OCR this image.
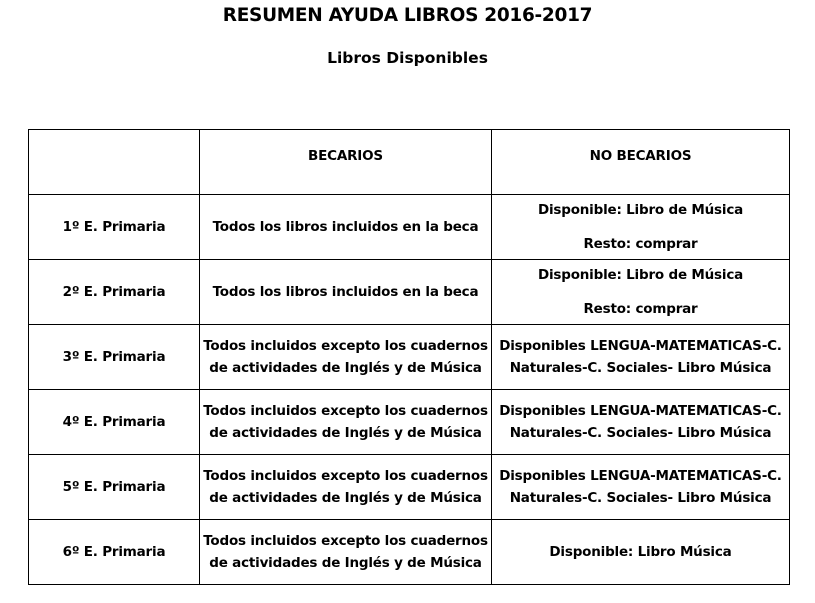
RESUMEN AYUDA LIBROS 2016-2017
Libros Disponibles
	BECARIOS	NO BECARIOS
1º E. Primaria	Todos los libros incluidos en la beca	Disponible: Libro de Música
Resto: comprar

2º E. Primaria	Todos los libros incluidos en la beca	Disponible: Libro de Música
Resto: comprar

3º E. Primaria	Todos incluidos excepto los cuadernos
de actividades de Inglés y de Música	Disponibles LENGUA-MATEMATICAS-C.
Naturales-C. Sociales- Libro Música

4º E. Primaria	Todos incluidos excepto los cuadernos
de actividades de Inglés y de Música	Disponibles LENGUA-MATEMATICAS-C.
Naturales-C. Sociales- Libro Música

5º E. Primaria	Todos incluidos excepto los cuadernos
de actividades de Inglés y de Música	Disponibles LENGUA-MATEMATICAS-C.
Naturales-C. Sociales- Libro Música

6º E. Primaria	Todos incluidos excepto los cuadernos
de actividades de Inglés y de Música	Disponible: Libro Música
